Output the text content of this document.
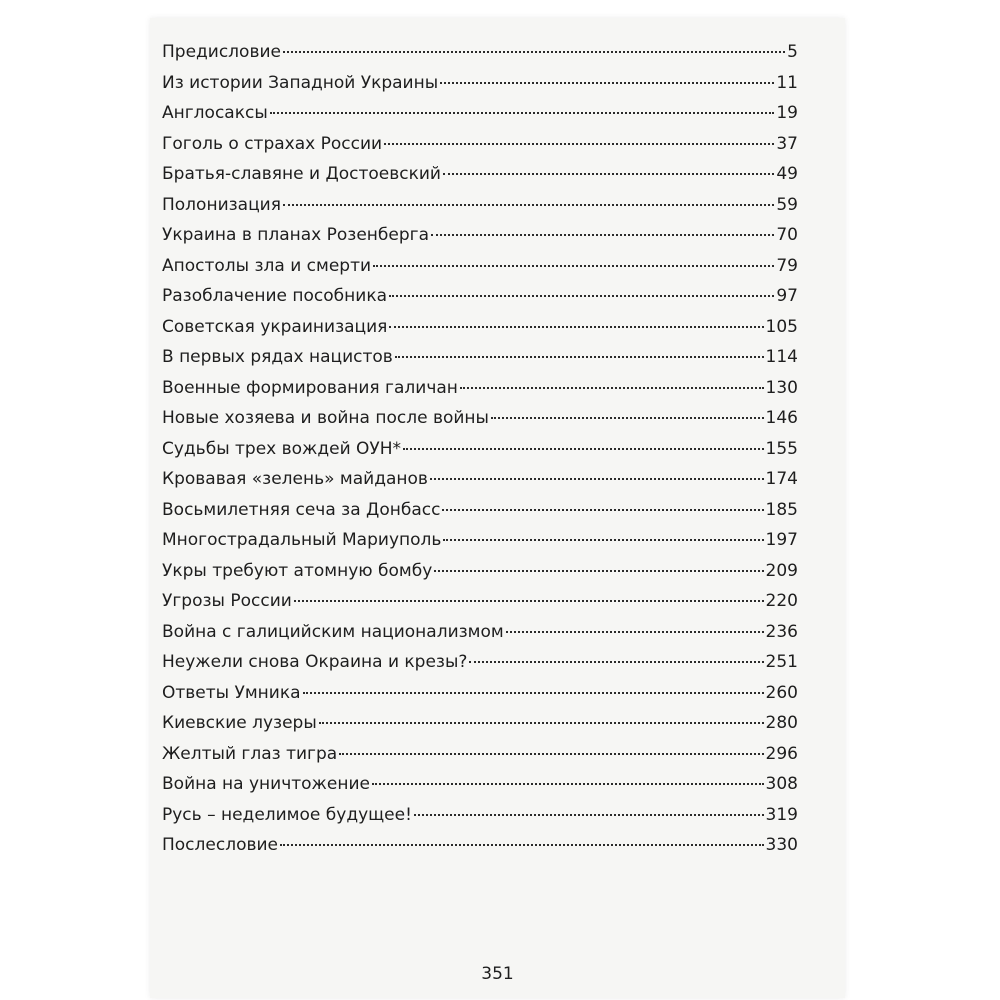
Предисловие	5
Из истории Западной Украины	11
Англосаксы	19
Гоголь о страхах России	37
Братья-славяне и Достоевский	49
Полонизация	59
Украина в планах Розенберга	70
Апостолы зла и смерти	79
Разоблачение пособника	97
Советская украинизация	105
В первых рядах нацистов	114
Военные формирования галичан	130
Новые хозяева и война после войны	146
Судьбы трех вождей ОУН*	155
Кровавая «зелень» майданов	174
Восьмилетняя сеча за Донбасс	185
Многострадальный Мариуполь	197
Укры требуют атомную бомбу	209
Угрозы России	220
Война с галицийским национализмом	236
Неужели снова Окраина и крезы?	251
Ответы Умника	260
Киевские лузеры	280
Желтый глаз тигра	296
Война на уничтожение	308
Русь – неделимое будущее!	319
Послесловие	330
351
